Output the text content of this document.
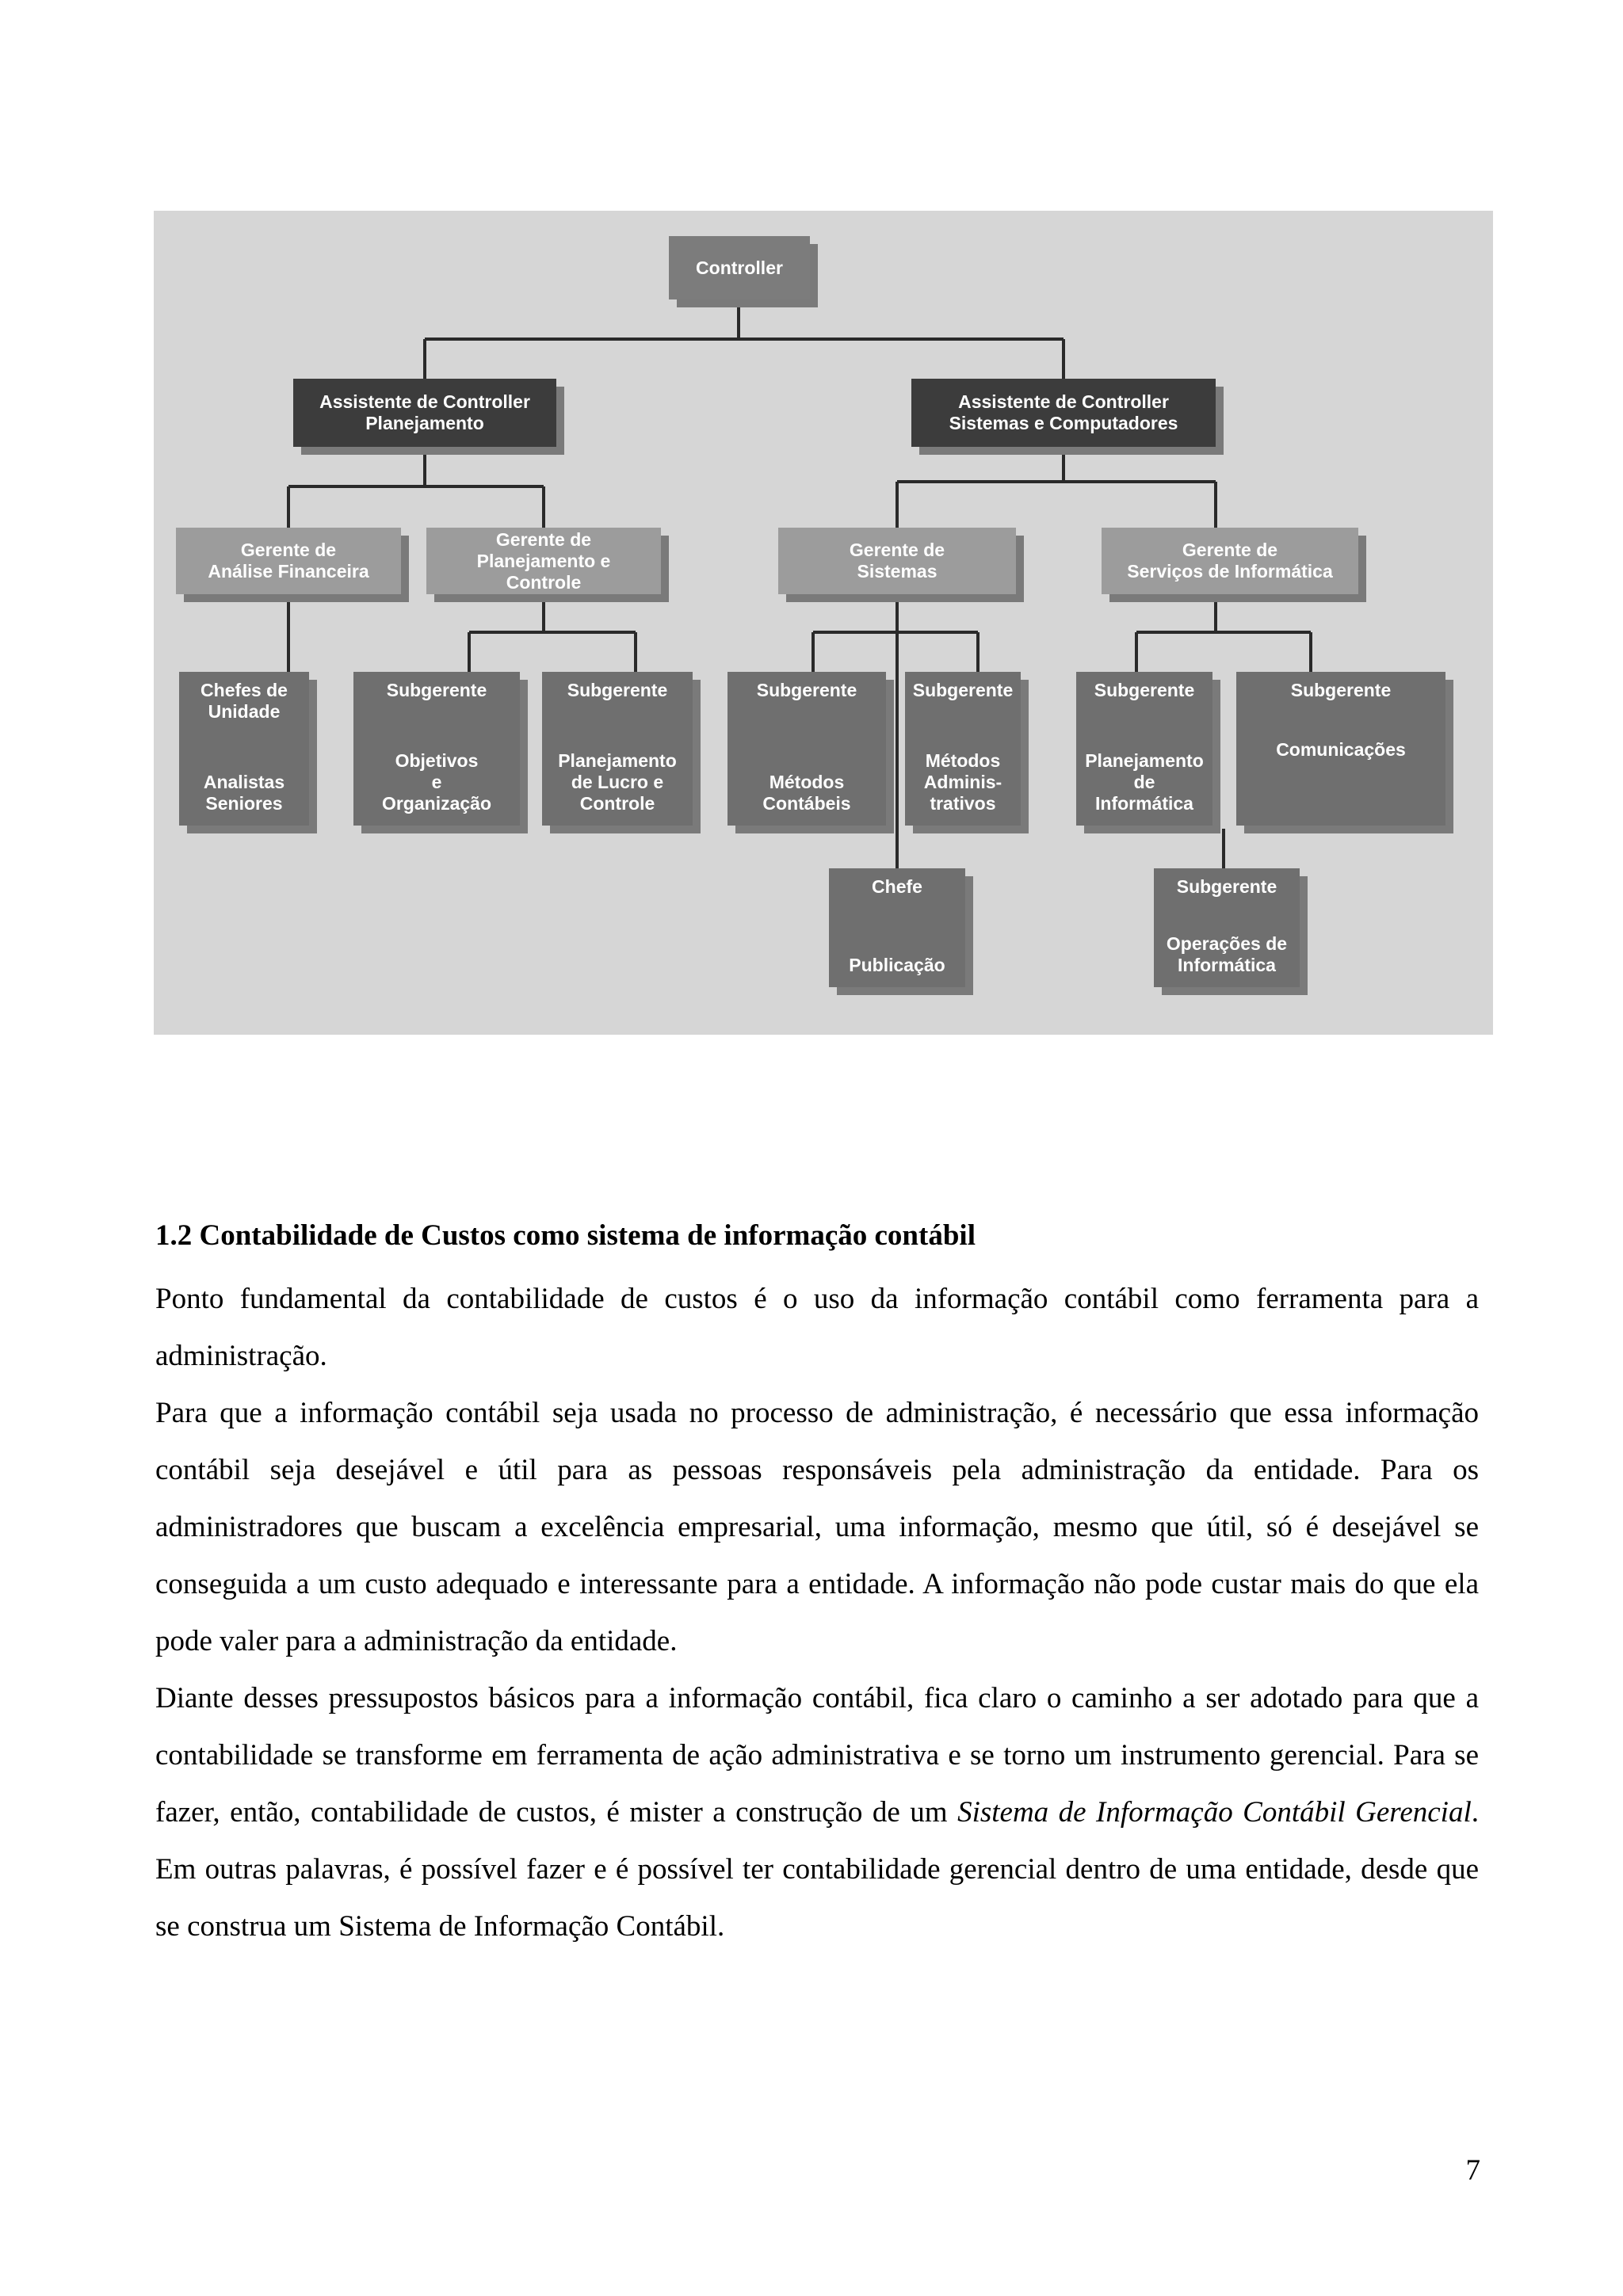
Controller
Assistente de Controller
Planejamento
Assistente de Controller
Sistemas e Computadores
Gerente de
Análise Financeira
Gerente de
Planejamento e
Controle
Gerente de
Sistemas
Gerente de
Serviços de Informática
Chefes de
Unidade
Analistas
Seniores
Subgerente
Objetivos
e
Organização
Subgerente
Planejamento
de Lucro e
Controle
Subgerente
Métodos
Contábeis
Subgerente
Métodos
Adminis-
trativos
Subgerente
Planejamento
de
Informática
Subgerente
Comunicações
Chefe
Publicação
Subgerente
Operações de
Informática
1.2 Contabilidade de Custos como sistema de informação contábil

Ponto fundamental da contabilidade de custos é o uso da informação contábil como ferramenta para a administração.

Para que a informação contábil seja usada no processo de administração, é necessário que essa informação contábil seja desejável e útil para as pessoas responsáveis pela administração da entidade. Para os administradores que buscam a excelência empresarial, uma informação, mesmo que útil, só é desejável se conseguida a um custo adequado e interessante para a entidade. A informação não pode custar mais do que ela pode valer para a administração da entidade.

Diante desses pressupostos básicos para a informação contábil, fica claro o caminho a ser adotado para que a contabilidade se transforme em ferramenta de ação administrativa e se torno um instrumento gerencial. Para se fazer, então, contabilidade de custos, é mister a construção de um Sistema de Informação Contábil Gerencial. Em outras palavras, é possível fazer e é possível ter contabilidade gerencial dentro de uma entidade, desde que se construa um Sistema de Informação Contábil.

7
